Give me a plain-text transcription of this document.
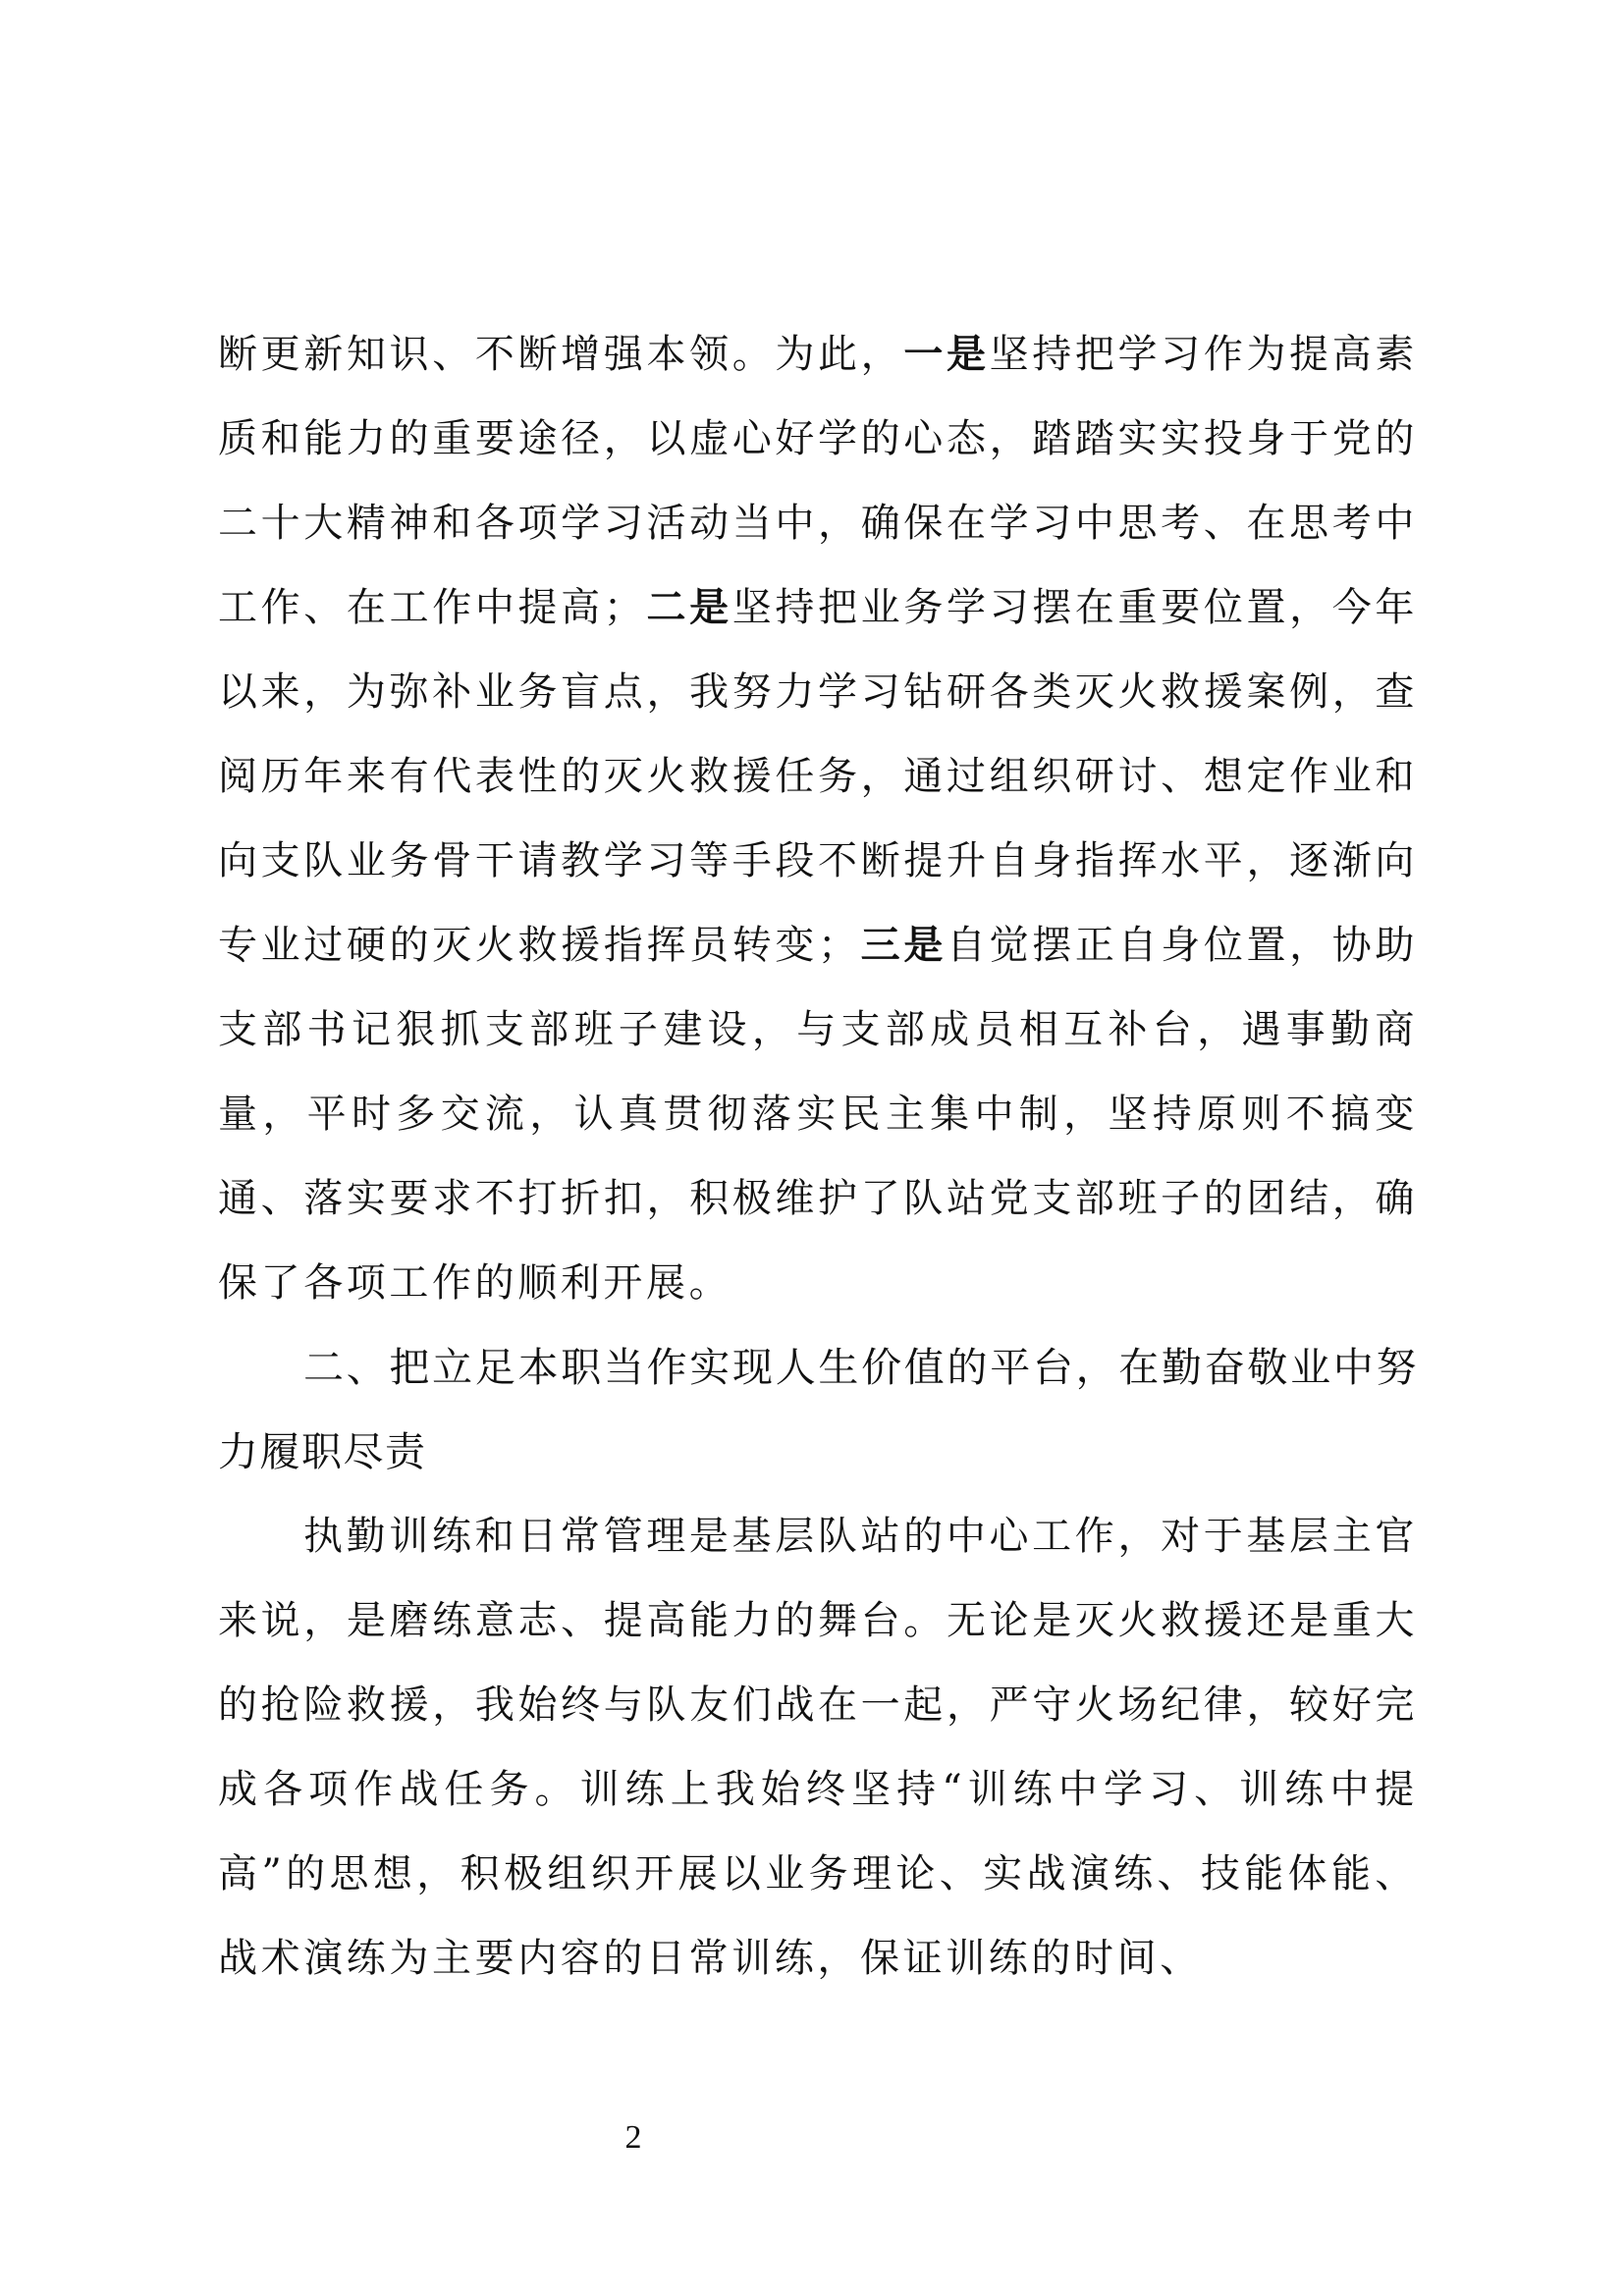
断更新知识、不断增强本领。为此，一是坚持把学习作为提高素质和能力的重要途径，以虚心好学的心态，踏踏实实投身于党的二十大精神和各项学习活动当中，确保在学习中思考、在思考中工作、在工作中提高；二是坚持把业务学习摆在重要位置，今年以来，为弥补业务盲点，我努力学习钻研各类灭火救援案例，查阅历年来有代表性的灭火救援任务，通过组织研讨、想定作业和向支队业务骨干请教学习等手段不断提升自身指挥水平，逐渐向专业过硬的灭火救援指挥员转变；三是自觉摆正自身位置，协助支部书记狠抓支部班子建设，与支部成员相互补台，遇事勤商量，平时多交流，认真贯彻落实民主集中制，坚持原则不搞变通、落实要求不打折扣，积极维护了队站党支部班子的团结，确保了各项工作的顺利开展。

二、把立足本职当作实现人生价值的平台，在勤奋敬业中努力履职尽责

执勤训练和日常管理是基层队站的中心工作，对于基层主官来说，是磨练意志、提高能力的舞台。无论是灭火救援还是重大的抢险救援，我始终与队友们战在一起，严守火场纪律，较好完成各项作战任务。训练上我始终坚持“训练中学习、训练中提高”的思想，积极组织开展以业务理论、实战演练、技能体能、战术演练为主要内容的日常训练，保证训练的时间、

2
